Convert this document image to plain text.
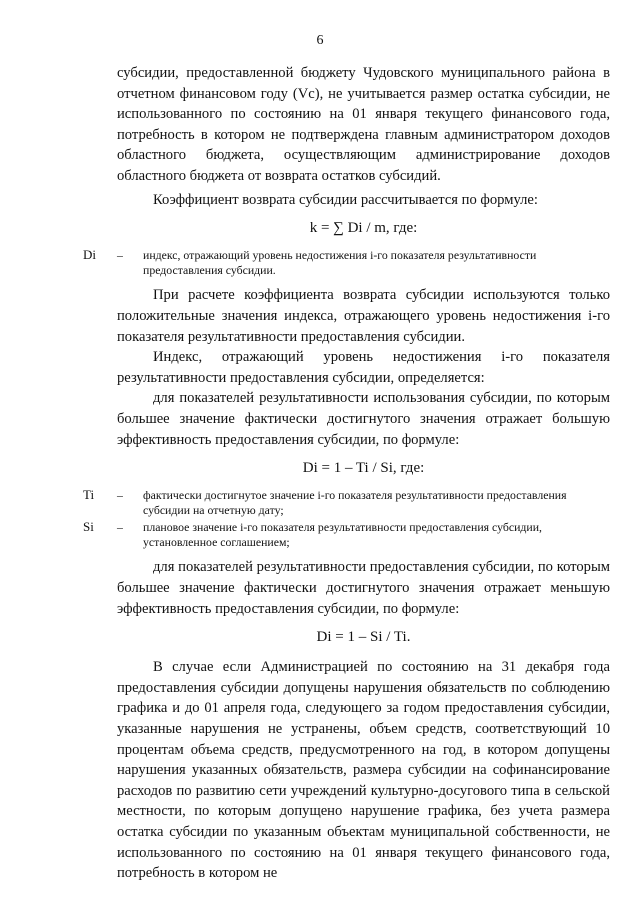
6

субсидии, предоставленной бюджету Чудовского муниципального района в отчетном финансовом году (Vc), не учитывается размер остатка субсидии, не использованного по состоянию на 01 января текущего финансового года, потребность в котором не подтверждена главным администратором доходов областного бюджета, осуществляющим администрирование доходов областного бюджета от возврата остатков субсидий.

Коэффициент возврата субсидии рассчитывается по формуле:

k = ∑ Di / m, где:
Di	–	индекс, отражающий уровень недостижения i-го показателя результативности предоставления субсидии.

При расчете коэффициента возврата субсидии используются только положительные значения индекса, отражающего уровень недостижения i-го показателя результативности предоставления субсидии.

Индекс, отражающий уровень недостижения i-го показателя результативности предоставления субсидии, определяется:

для показателей результативности использования субсидии, по которым большее значение фактически достигнутого значения отражает большую эффективность предоставления субсидии, по формуле:

Di = 1 – Ti / Si, где:
Ti	–	фактически достигнутое значение i-го показателя результативности предоставления субсидии на отчетную дату;
Si	–	плановое значение i-го показателя результативности предоставления субсидии, установленное соглашением;

для показателей результативности предоставления субсидии, по которым большее значение фактически достигнутого значения отражает меньшую эффективность предоставления субсидии, по формуле:

Di = 1 – Si / Ti.

В случае если Администрацией по состоянию на 31 декабря года предоставления субсидии допущены нарушения обязательств по соблюдению графика и до 01 апреля года, следующего за годом предоставления субсидии, указанные нарушения не устранены, объем средств, соответствующий 10 процентам объема средств, предусмотренного на год, в котором допущены нарушения указанных обязательств, размера субсидии на софинансирование расходов по развитию сети учреждений культурно-досугового типа в сельской местности, по которым допущено нарушение графика, без учета размера остатка субсидии по указанным объектам муниципальной собственности, не использованного по состоянию на 01 января текущего финансового года, потребность в котором не
